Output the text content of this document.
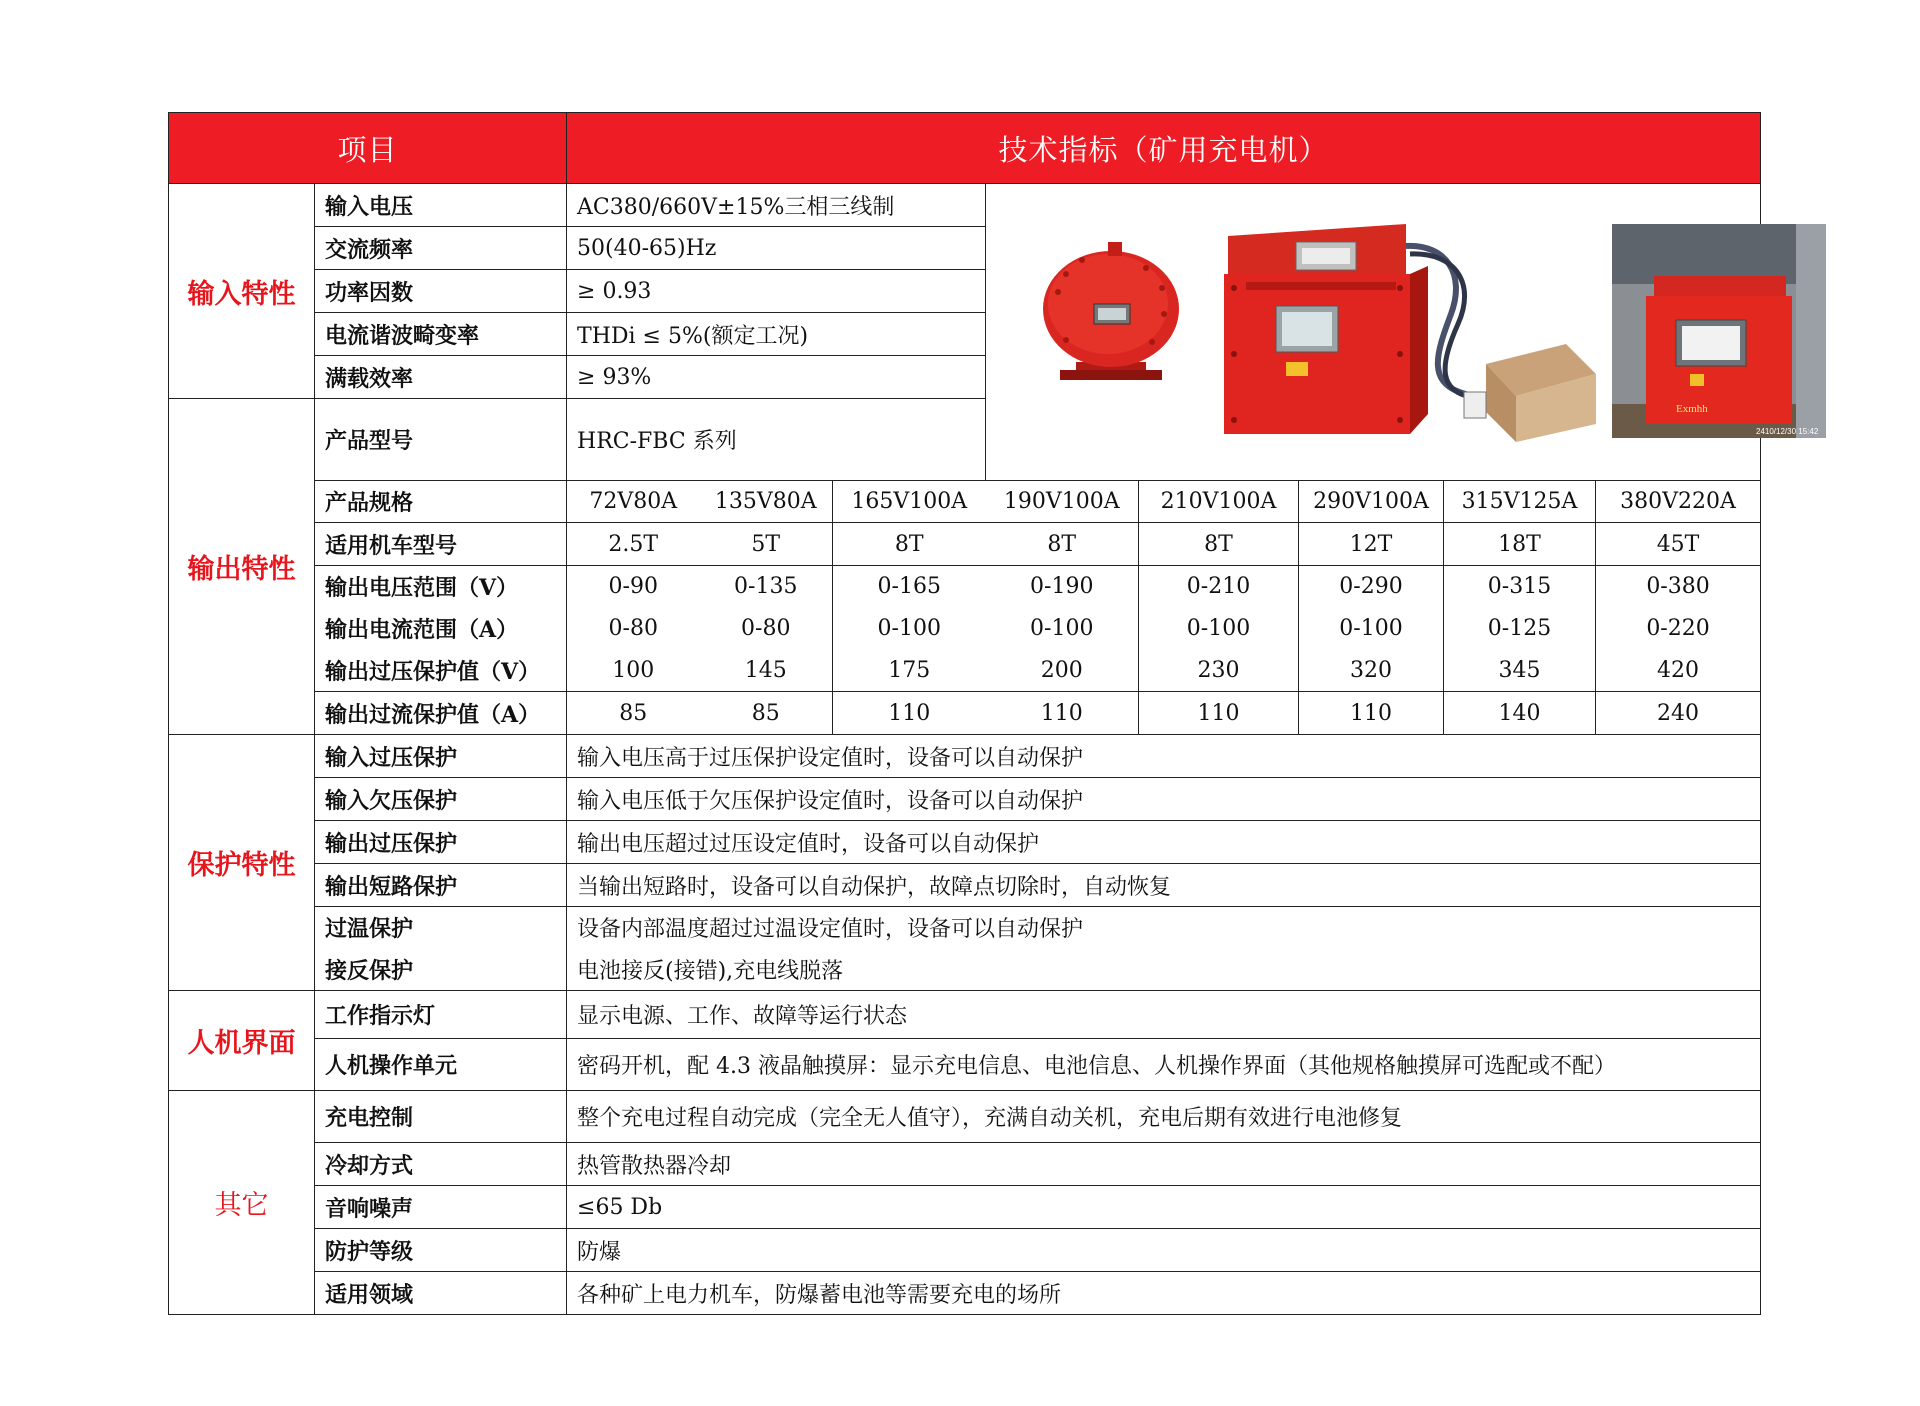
项目		技术指标（矿用充电机）							
输入特性	输入电压	AC380/660V±15%三相三线制			Exmhh
2410/12/30 15:42				

	交流频率	50(40-65)Hz							
	功率因数	≥ 0.93							
	电流谐波畸变率	THDi ≤ 5%(额定工况)							
	满载效率	≥ 93%							
输出特性	产品型号	HRC-FBC 系列							
	产品规格	72V80A	135V80A	165V100A	190V100A	210V100A	290V100A	315V125A	380V220A
	适用机车型号	2.5T	5T	8T	8T	8T	12T	18T	45T
	输出电压范围（V）	0-90	0-135	0-165	0-190	0-210	0-290	0-315	0-380
	输出电流范围（A）	0-80	0-80	0-100	0-100	0-100	0-100	0-125	0-220
	输出过压保护值（V）	100	145	175	200	230	320	345	420
	输出过流保护值（A）	85	85	110	110	110	110	140	240
保护特性	输入过压保护	输入电压高于过压保护设定值时，设备可以自动保护							
	输入欠压保护	输入电压低于欠压保护设定值时，设备可以自动保护							
	输出过压保护	输出电压超过过压设定值时，设备可以自动保护							
	输出短路保护	当输出短路时，设备可以自动保护，故障点切除时，自动恢复							
	过温保护	设备内部温度超过过温设定值时，设备可以自动保护							
	接反保护	电池接反(接错),充电线脱落							
人机界面	工作指示灯	显示电源、工作、故障等运行状态							
	人机操作单元	密码开机，配 4.3 液晶触摸屏：显示充电信息、电池信息、人机操作界面（其他规格触摸屏可选配或不配）							
其它	充电控制	整个充电过程自动完成（完全无人值守），充满自动关机，充电后期有效进行电池修复							
	冷却方式	热管散热器冷却							
	音响噪声	≤65 Db							
	防护等级	防爆							
	适用领域	各种矿上电力机车，防爆蓄电池等需要充电的场所							
